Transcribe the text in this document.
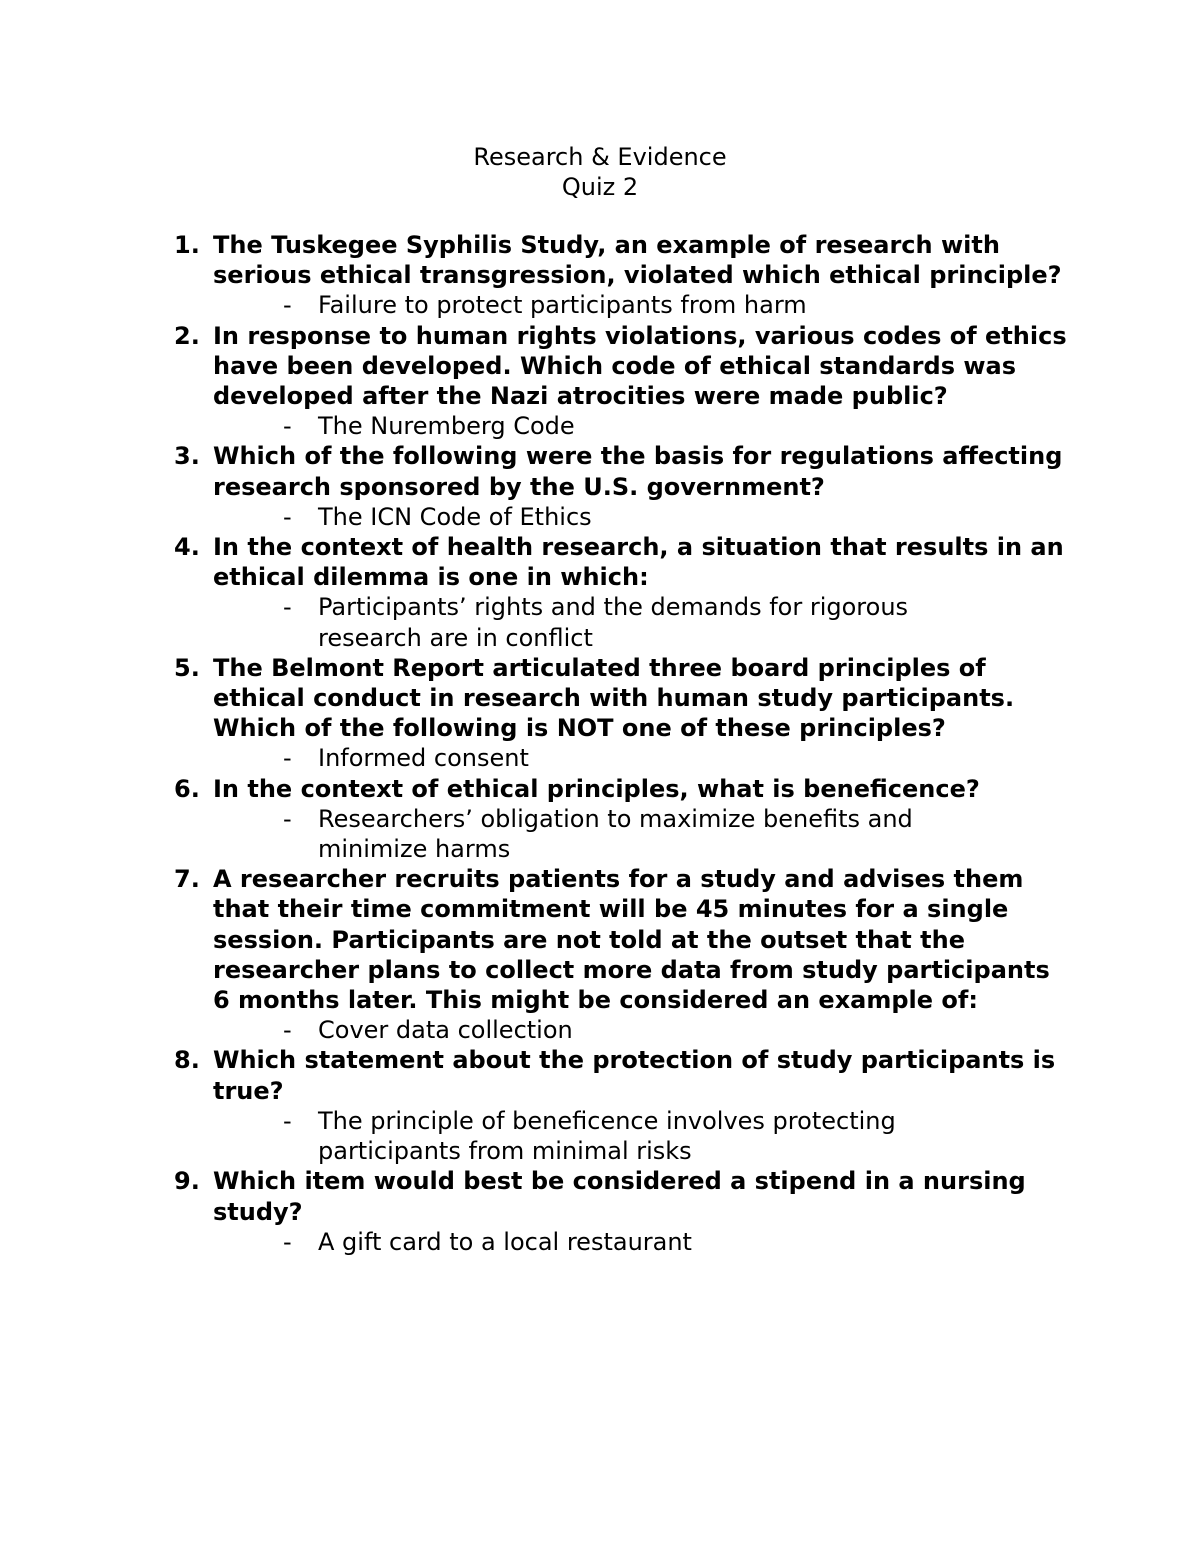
Research & Evidence
Quiz 2
1. The Tuskegee Syphilis Study, an example of research with serious ethical transgression, violated which ethical principle?
- Failure to protect participants from harm
2. In response to human rights violations, various codes of ethics have been developed. Which code of ethical standards was developed after the Nazi atrocities were made public?
- The Nuremberg Code
3. Which of the following were the basis for regulations affecting research sponsored by the U.S. government?
- The ICN Code of Ethics
4. In the context of health research, a situation that results in an ethical dilemma is one in which:
- Participants’ rights and the demands for rigorous research are in conflict
5. The Belmont Report articulated three board principles of ethical conduct in research with human study participants. Which of the following is NOT one of these principles?
- Informed consent
6. In the context of ethical principles, what is beneficence?
- Researchers’ obligation to maximize benefits and minimize harms
7. A researcher recruits patients for a study and advises them that their time commitment will be 45 minutes for a single session. Participants are not told at the outset that the researcher plans to collect more data from study participants 6 months later. This might be considered an example of:
- Cover data collection
8. Which statement about the protection of study participants is true?
- The principle of beneficence involves protecting participants from minimal risks
9. Which item would best be considered a stipend in a nursing study?
- A gift card to a local restaurant
